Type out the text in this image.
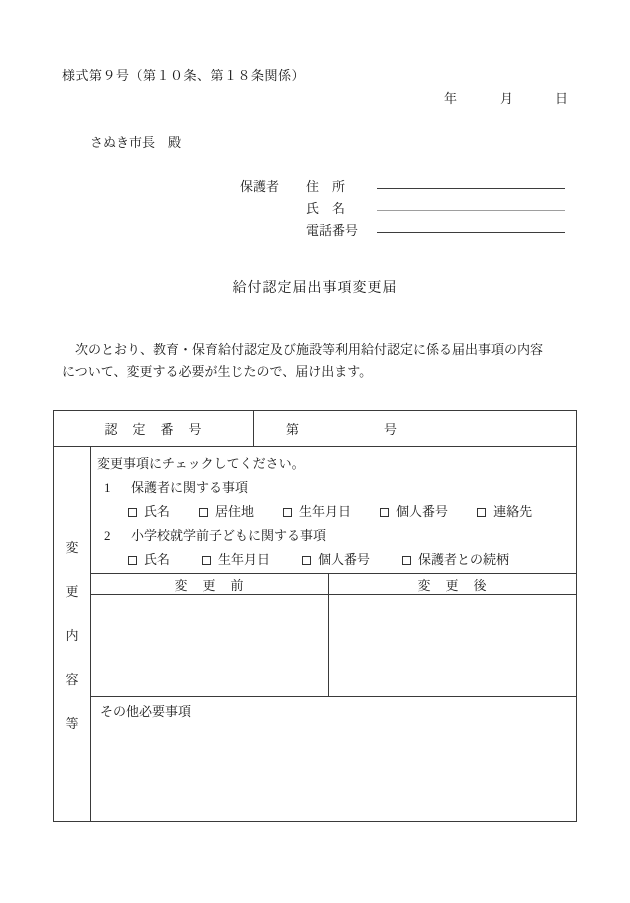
様式第９号（第１０条、第１８条関係）
年	月	日
さぬき市長　殿
保護者	住　所
氏　名
電話番号
給付認定届出事項変更届
　次のとおり、教育・保育給付認定及び施設等利用給付認定に係る届出事項の内容
について、変更する必要が生じたので、届け出ます。
認　定　番　号	第	号
変
更
内
容
等
変更事項にチェックしてください。
1 保護者に関する事項
氏名	居住地	生年月日	個人番号	連絡先
2 小学校就学前子どもに関する事項
氏名	生年月日	個人番号	保護者との続柄
変　更　前	変　更　後
その他必要事項
